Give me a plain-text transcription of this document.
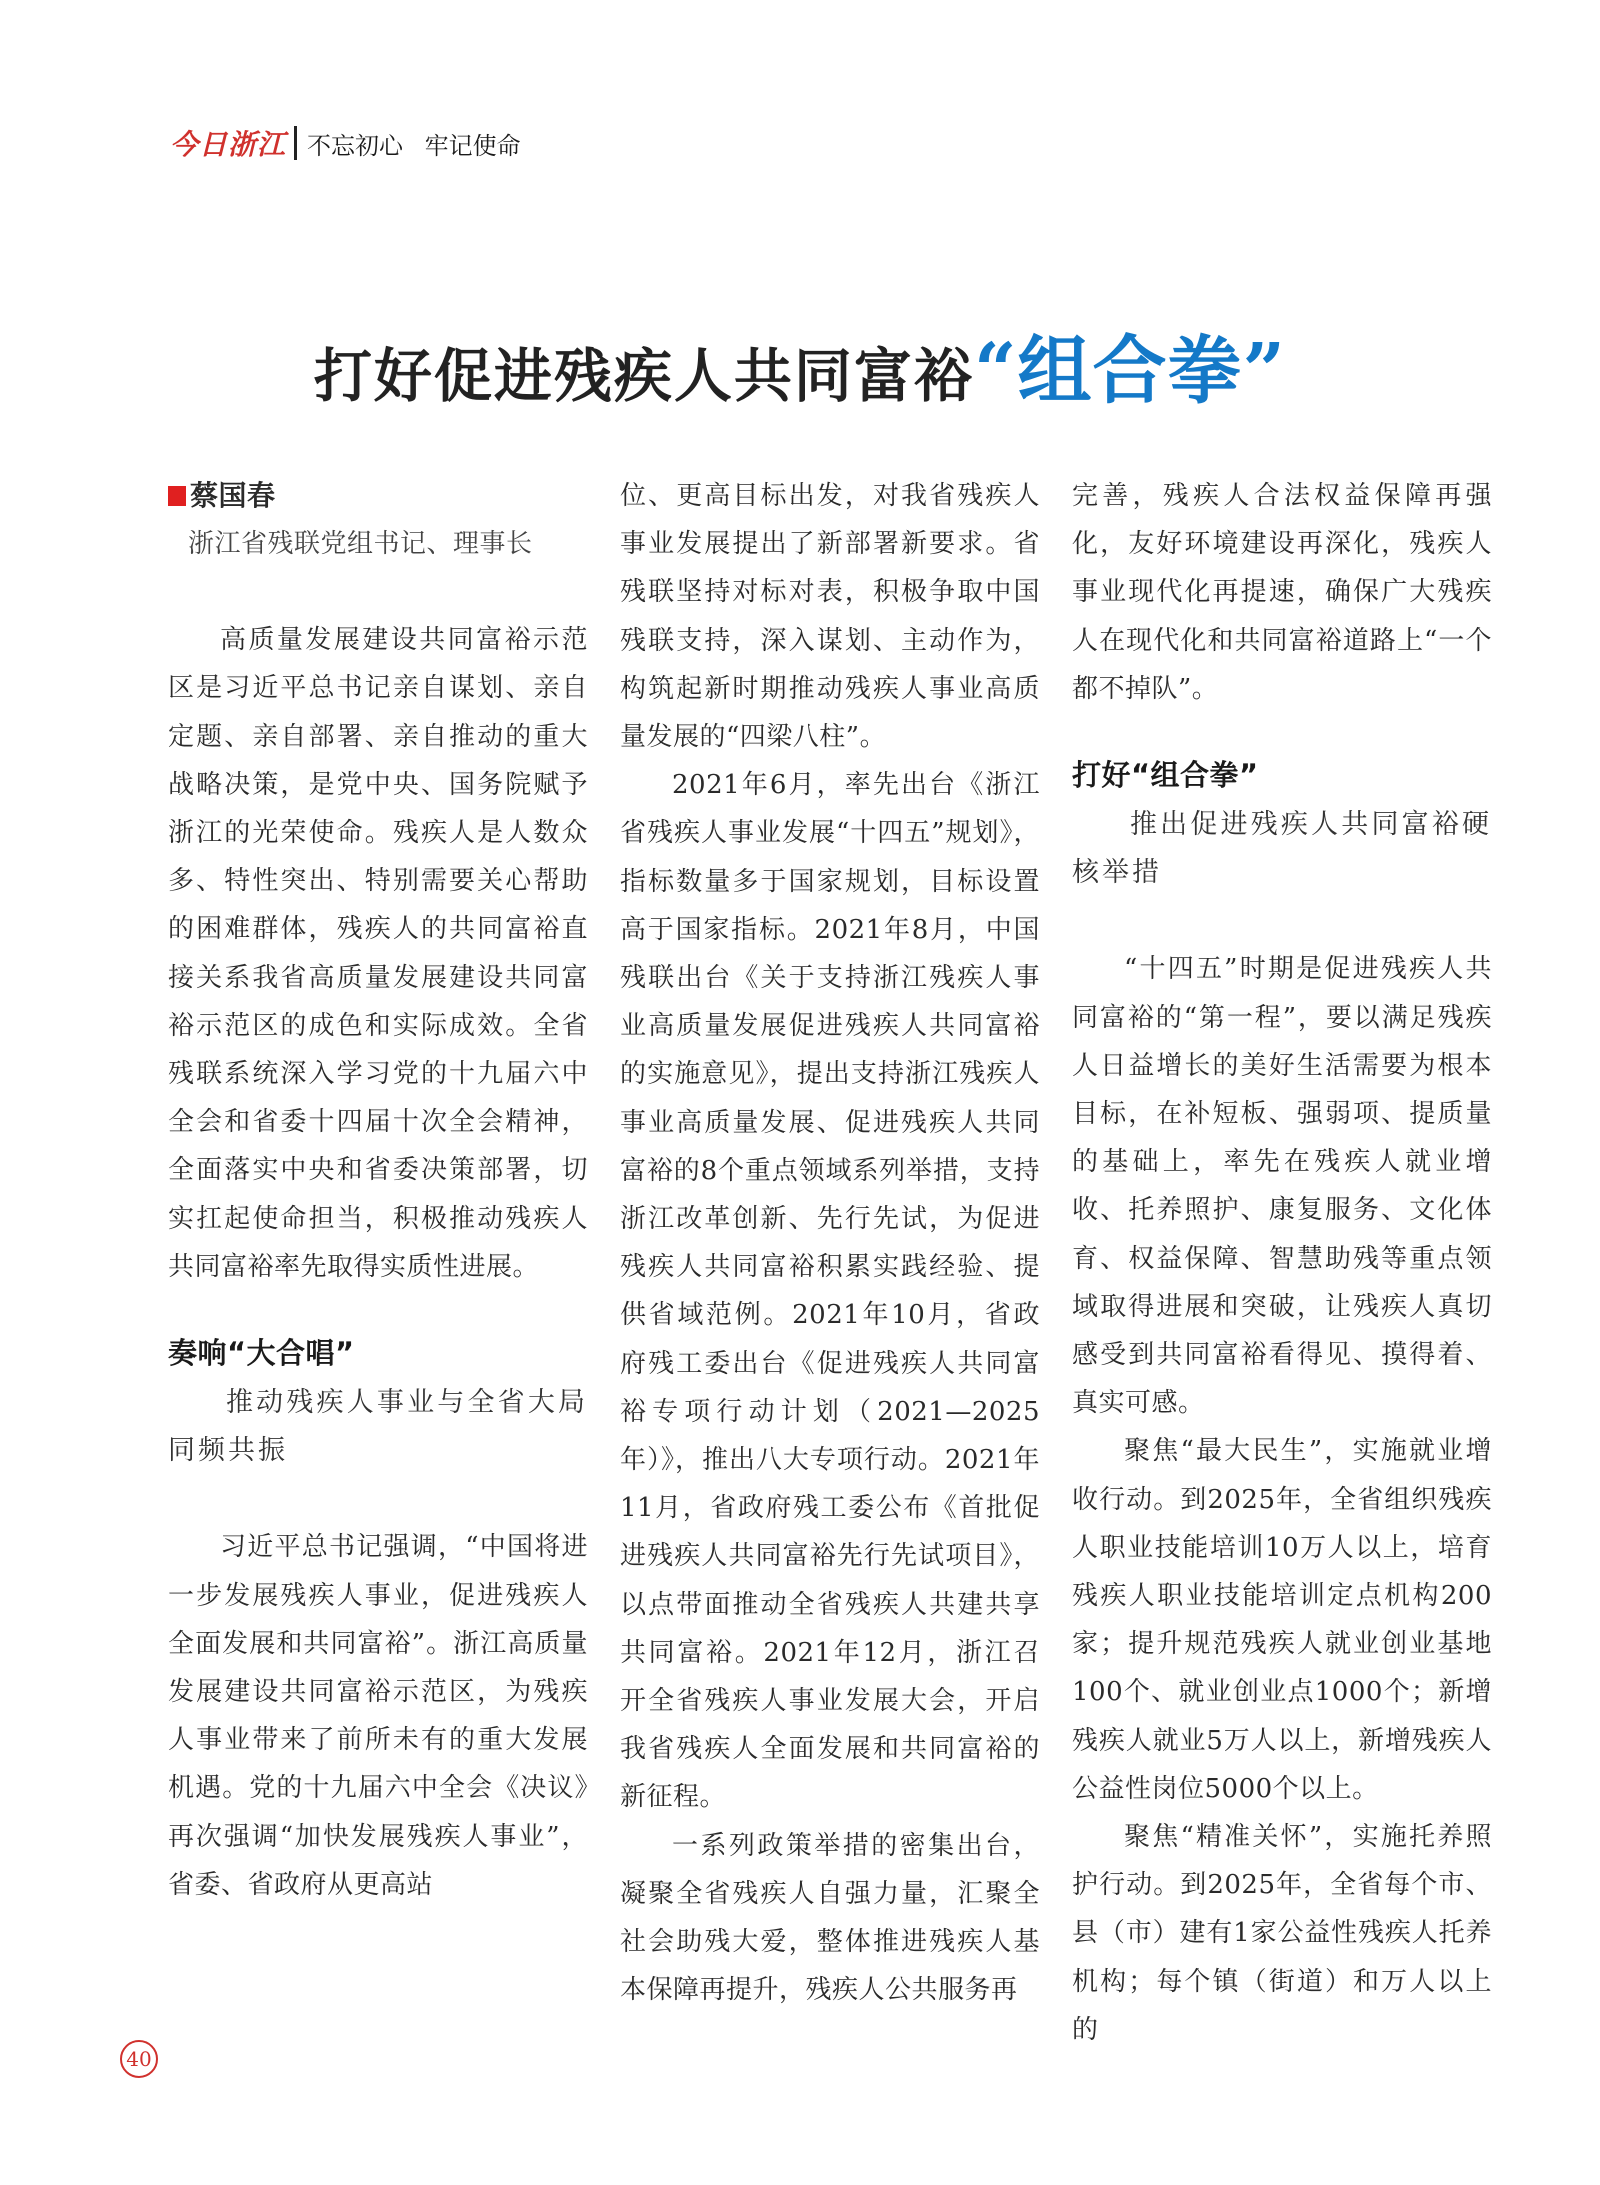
今日浙江 不忘初心 牢记使命
打好促进残疾人共同富裕“组合拳”
蔡国春

浙江省残联党组书记、理事长

高质量发展建设共同富裕示范区是习近平总书记亲自谋划、亲自定题、亲自部署、亲自推动的重大战略决策，是党中央、国务院赋予浙江的光荣使命。残疾人是人数众多、特性突出、特别需要关心帮助的困难群体，残疾人的共同富裕直接关系我省高质量发展建设共同富裕示范区的成色和实际成效。全省残联系统深入学习党的十九届六中全会和省委十四届十次全会精神，全面落实中央和省委决策部署，切实扛起使命担当，积极推动残疾人共同富裕率先取得实质性进展。

奏响“大合唱”

推动残疾人事业与全省大局同频共振

习近平总书记强调，“中国将进一步发展残疾人事业，促进残疾人全面发展和共同富裕”。浙江高质量发展建设共同富裕示范区，为残疾人事业带来了前所未有的重大发展机遇。党的十九届六中全会《决议》再次强调“加快发展残疾人事业”，省委、省政府从更高站

位、更高目标出发，对我省残疾人事业发展提出了新部署新要求。省残联坚持对标对表，积极争取中国残联支持，深入谋划、主动作为，构筑起新时期推动残疾人事业高质量发展的“四梁八柱”。

2021年6月，率先出台《浙江省残疾人事业发展“十四五”规划》，指标数量多于国家规划，目标设置高于国家指标。2021年8月，中国残联出台《关于支持浙江残疾人事业高质量发展促进残疾人共同富裕的实施意见》，提出支持浙江残疾人事业高质量发展、促进残疾人共同富裕的8个重点领域系列举措，支持浙江改革创新、先行先试，为促进残疾人共同富裕积累实践经验、提供省域范例。2021年10月，省政府残工委出台《促进残疾人共同富裕专项行动计划（2021—2025年）》，推出八大专项行动。2021年11月，省政府残工委公布《首批促进残疾人共同富裕先行先试项目》，以点带面推动全省残疾人共建共享共同富裕。2021年12月，浙江召开全省残疾人事业发展大会，开启我省残疾人全面发展和共同富裕的新征程。

一系列政策举措的密集出台，凝聚全省残疾人自强力量，汇聚全社会助残大爱，整体推进残疾人基本保障再提升，残疾人公共服务再

完善，残疾人合法权益保障再强化，友好环境建设再深化，残疾人事业现代化再提速，确保广大残疾人在现代化和共同富裕道路上“一个都不掉队”。

打好“组合拳”

推出促进残疾人共同富裕硬核举措

“十四五”时期是促进残疾人共同富裕的“第一程”，要以满足残疾人日益增长的美好生活需要为根本目标，在补短板、强弱项、提质量的基础上，率先在残疾人就业增收、托养照护、康复服务、文化体育、权益保障、智慧助残等重点领域取得进展和突破，让残疾人真切感受到共同富裕看得见、摸得着、真实可感。

聚焦“最大民生”，实施就业增收行动。到2025年，全省组织残疾人职业技能培训10万人以上，培育残疾人职业技能培训定点机构200家；提升规范残疾人就业创业基地100个、就业创业点1000个；新增残疾人就业5万人以上，新增残疾人公益性岗位5000个以上。

聚焦“精准关怀”，实施托养照护行动。到2025年，全省每个市、县（市）建有1家公益性残疾人托养机构；每个镇（街道）和万人以上的

40
